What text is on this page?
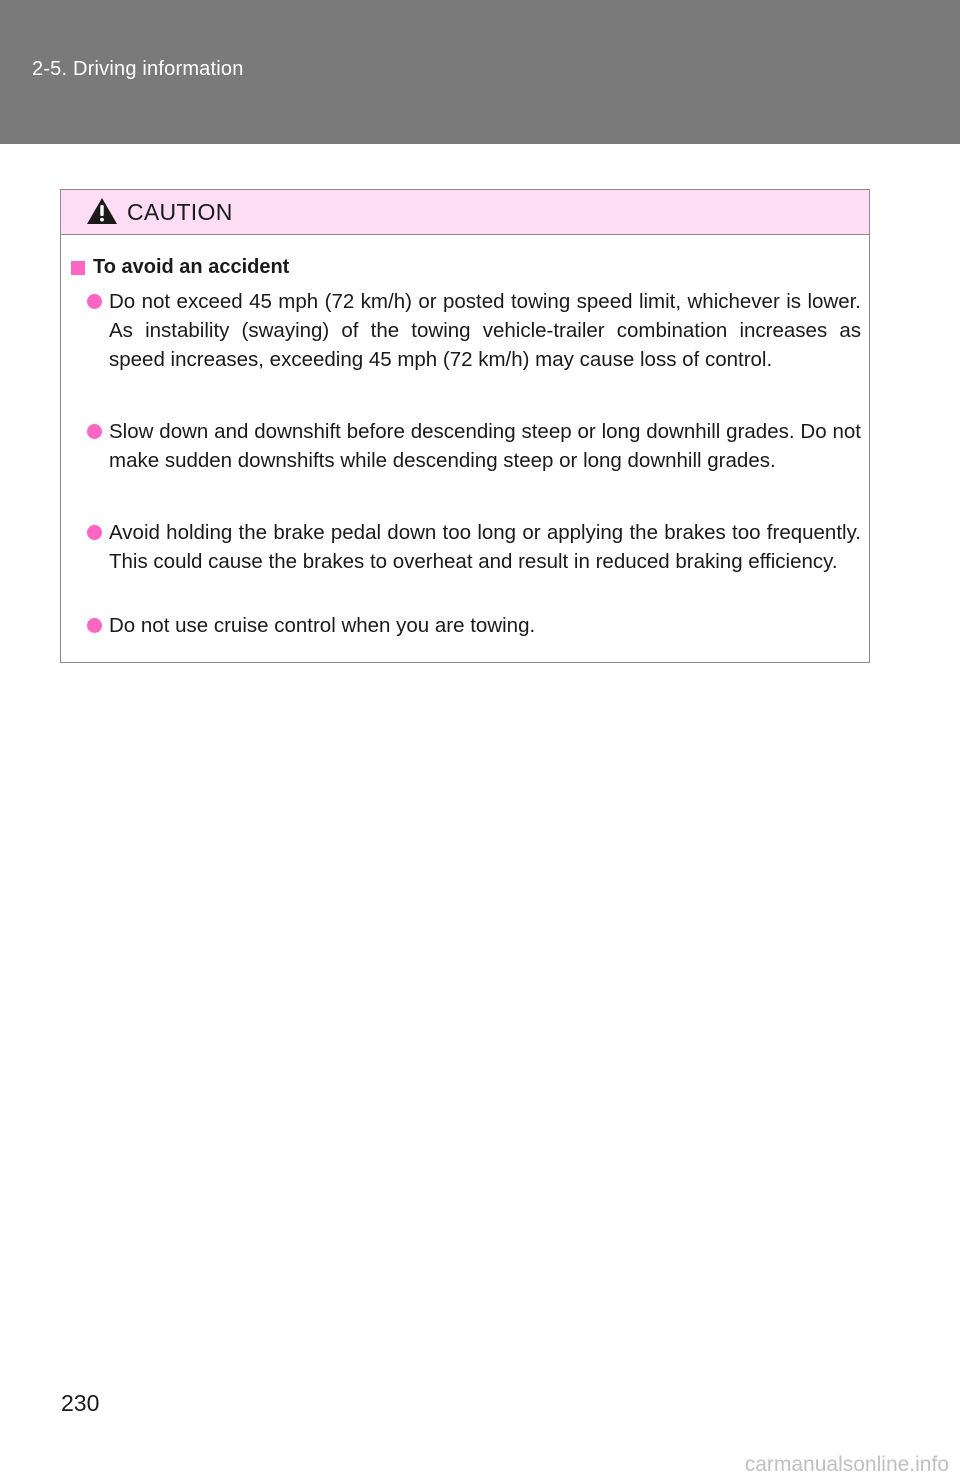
2-5. Driving information
CAUTION
To avoid an accident
Do not exceed 45 mph (72 km/h) or posted towing speed limit, whichever is lower. As instability (swaying) of the towing vehicle-trailer combination increases as speed increases, exceeding 45 mph (72 km/h) may cause loss of control.
Slow down and downshift before descending steep or long downhill grades. Do not make sudden downshifts while descending steep or long downhill grades.
Avoid holding the brake pedal down too long or applying the brakes too frequently. This could cause the brakes to overheat and result in reduced braking efficiency.
Do not use cruise control when you are towing.
230
carmanualsonline.info
